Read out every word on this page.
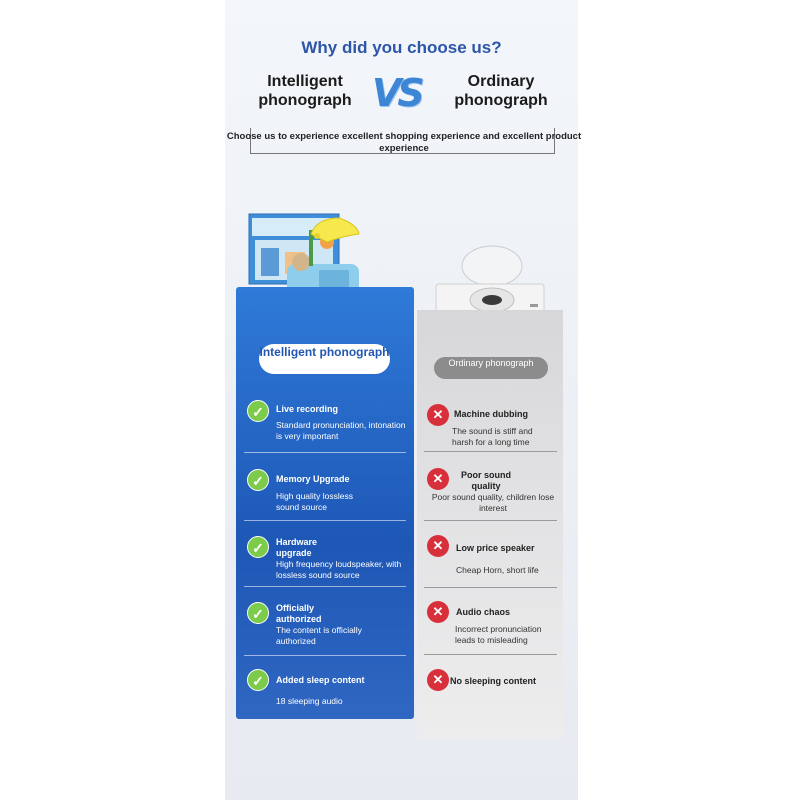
Why did you choose us?
Intelligent phonograph VS	Ordinary phonograph
Choose us to experience excellent shopping experience and excellent product experience
Intelligent phonograph
Ordinary phonograph
✓	Live recording
Standard pronunciation, intonation is very important
✓	Memory Upgrade
High quality lossless sound source
✓	Hardware upgrade
High frequency loudspeaker, with lossless sound source
✓	Officially authorized
The content is officially authorized
✓	Added sleep content
18 sleeping audio
✕	Machine dubbing
The sound is stiff and harsh for a long time
✕	Poor sound quality
Poor sound quality, children lose interest
✕	Low price speaker
Cheap Horn, short life
✕	Audio chaos
Incorrect pronunciation leads to misleading
✕ No sleeping content
